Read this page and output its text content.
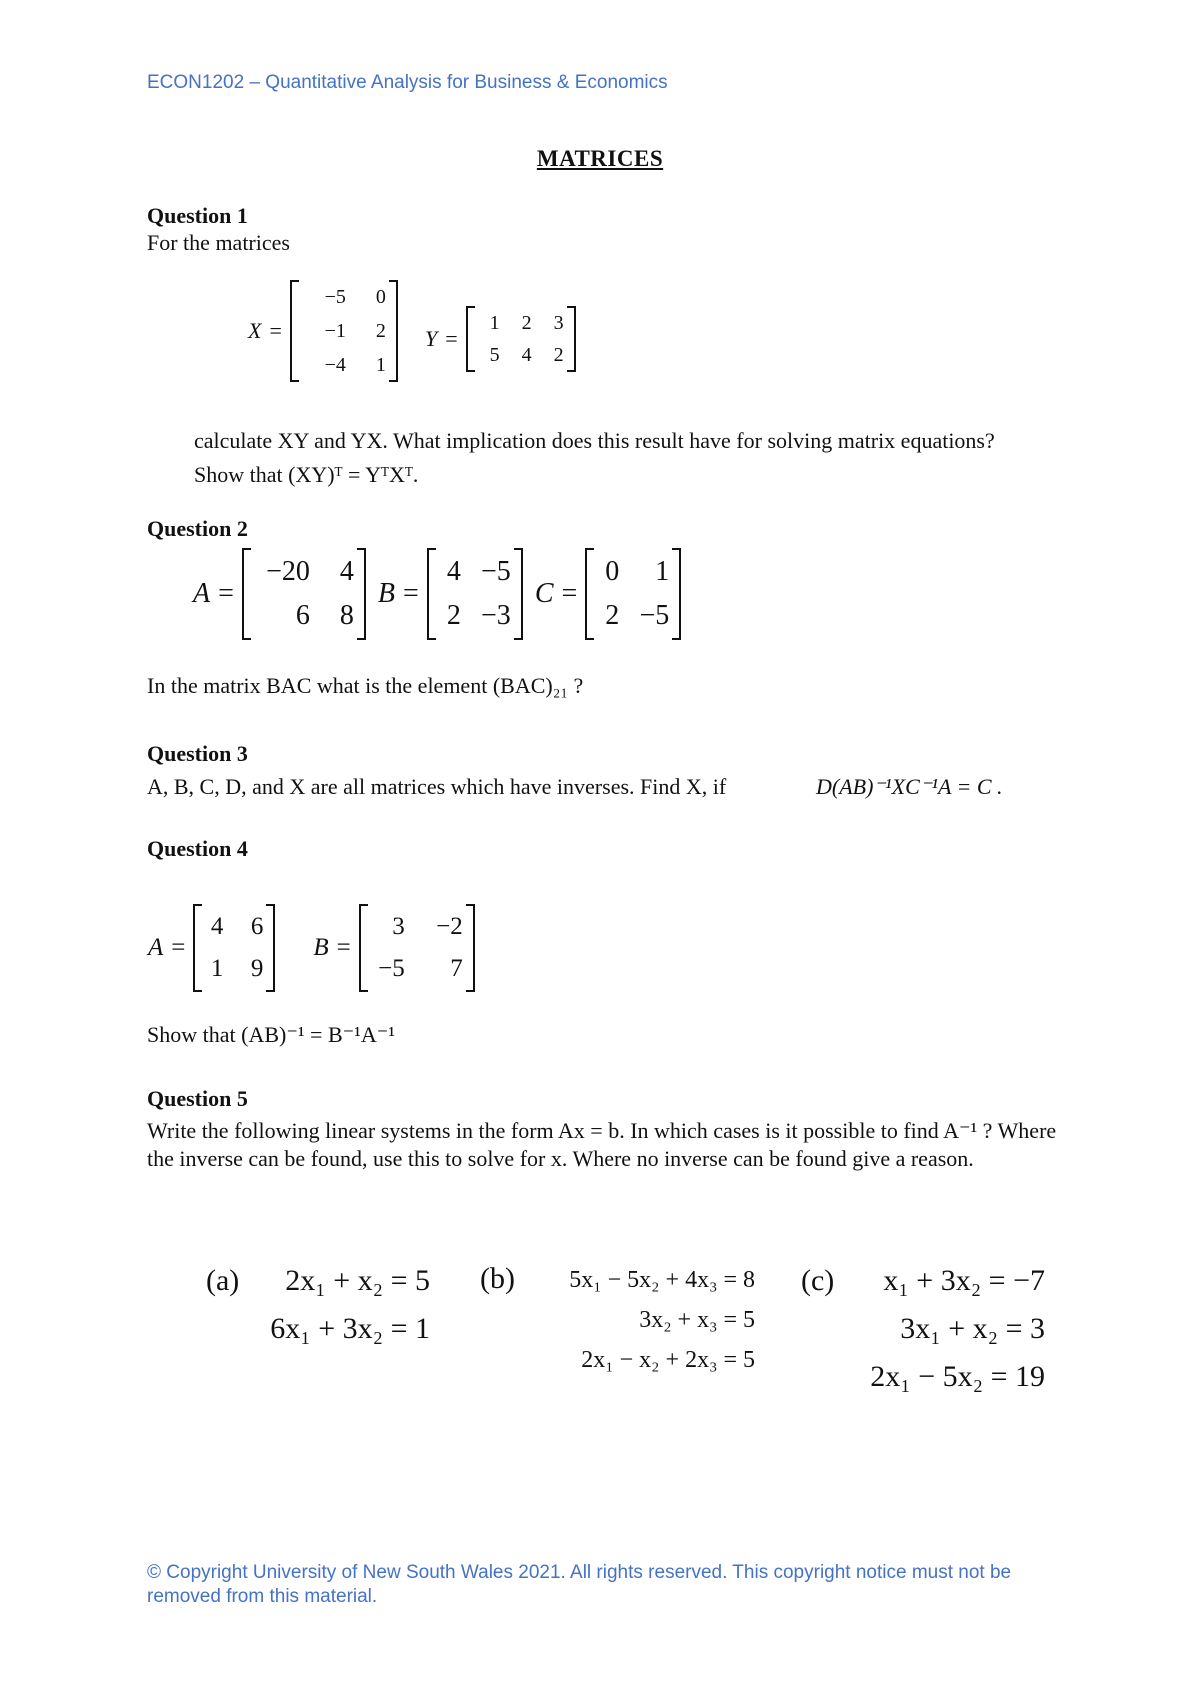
ECON1202 – Quantitative Analysis for Business & Economics
MATRICES
Question 1
For the matrices
X =
−5	0
−1	2
−4	1
Y =
1	2	3
5	4	2
calculate XY and YX. What implication does this result have for solving matrix equations?
Show that (XY)ᵀ = YᵀXᵀ.
Question 2
A =
−20	4
6	8
B =
4 −5
2 −3
C =
0	1
2 −5
In the matrix BAC what is the element (BAC)₂₁ ?
Question 3
A, B, C, D, and X are all matrices which have inverses. Find X, if	D(AB)⁻¹XC⁻¹A = C .
Question 4
A =
4	6
1	9
B =
3	−2
−5	7
Show that (AB)⁻¹ = B⁻¹A⁻¹
Question 5
Write the following linear systems in the form Ax = b. In which cases is it possible to find A⁻¹ ? Where the inverse can be found, use this to solve for x. Where no inverse can be found give a reason.
(a)	2x₁ + x₂ = 5
6x₁ + 3x₂ = 1
(b)	5x₁ − 5x₂ + 4x₃ = 8
3x₂ + x₃ = 5
2x₁ − x₂ + 2x₃ = 5
(c)	x₁ + 3x₂ = −7
3x₁ + x₂ = 3
2x₁ − 5x₂ = 19
© Copyright University of New South Wales 2021. All rights reserved. This copyright notice must not be removed from this material.
